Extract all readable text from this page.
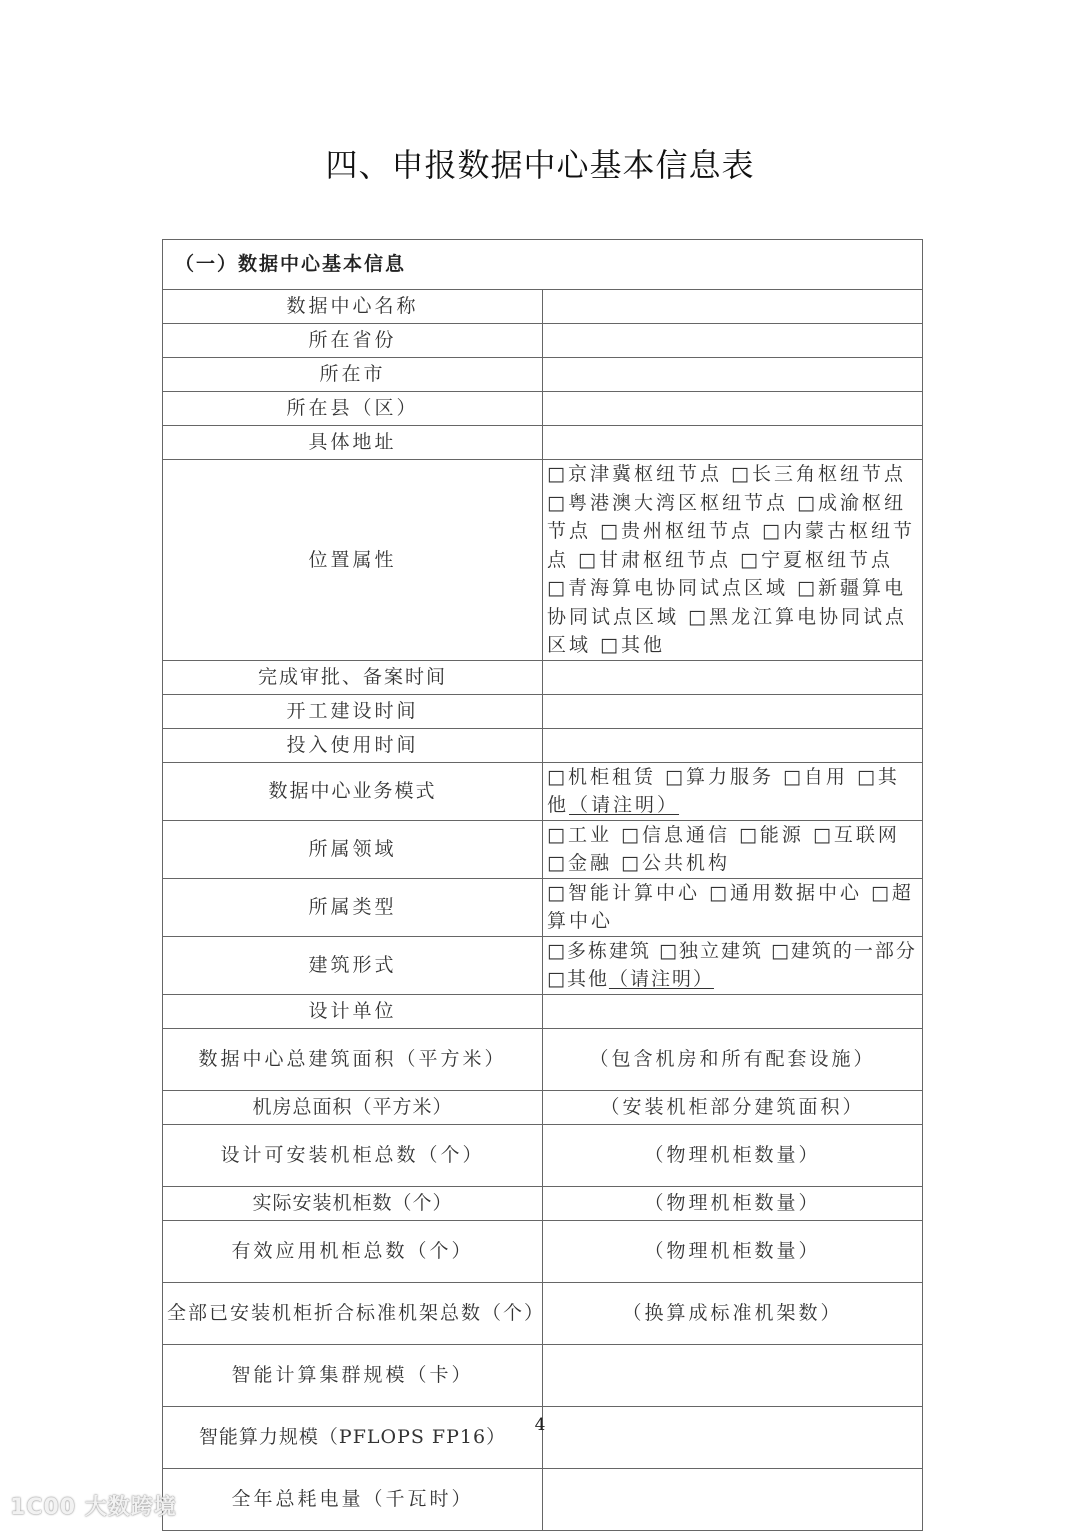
四、申报数据中心基本信息表
（一）数据中心基本信息	
数据中心名称	
所在省份	
所在市	
所在县（区）	
具体地址	
位置属性	□京津冀枢纽节点 □长三角枢纽节点 □粤港澳大湾区枢纽节点 □成渝枢纽节点 □贵州枢纽节点 □内蒙古枢纽节点 □甘肃枢纽节点 □宁夏枢纽节点 □青海算电协同试点区域 □新疆算电协同试点区域 □黑龙江算电协同试点区域 □其他
完成审批、备案时间	
开工建设时间	
投入使用时间	
数据中心业务模式	□机柜租赁 □算力服务 □自用 □其他（请注明）
所属领域	□工业 □信息通信 □能源 □互联网 □金融 □公共机构
所属类型	□智能计算中心 □通用数据中心 □超算中心
建筑形式	□多栋建筑 □独立建筑 □建筑的一部分 □其他（请注明）
设计单位	
数据中心总建筑面积（平方米）	（包含机房和所有配套设施）
机房总面积（平方米）	（安装机柜部分建筑面积）
设计可安装机柜总数（个）	（物理机柜数量）
实际安装机柜数（个）	（物理机柜数量）
有效应用机柜总数（个）	（物理机柜数量）
全部已安装机柜折合标准机架总数（个）	（换算成标准机架数）
智能计算集群规模（卡）	
智能算力规模（PFLOPS FP16）	
全年总耗电量（千瓦时）	
4
1C00 大数跨境
